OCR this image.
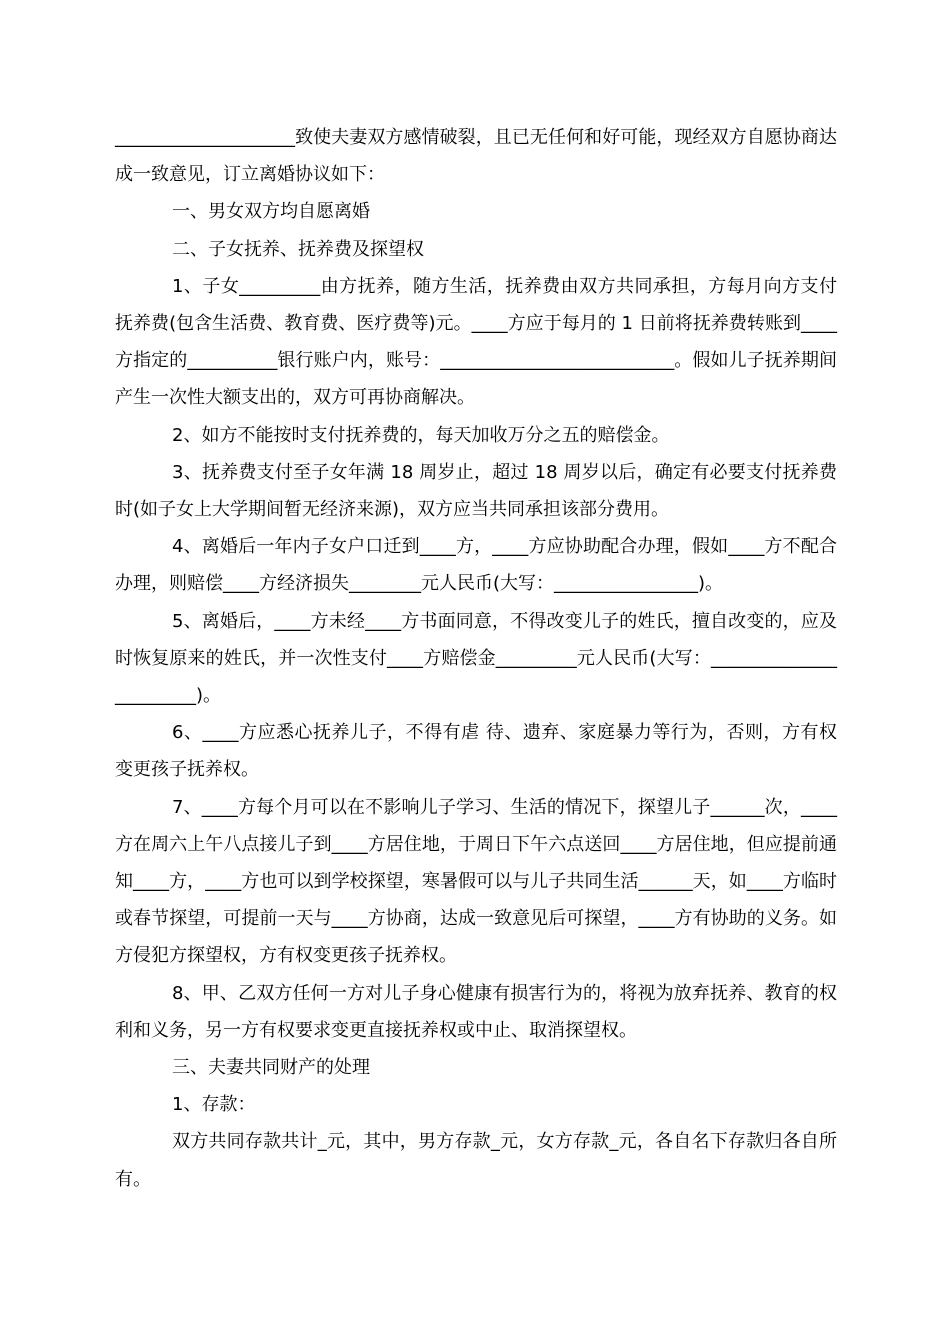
____________________致使夫妻双方感情破裂，且已无任何和好可能，现经双方自愿协商达成一致意见，订立离婚协议如下：

一、男女双方均自愿离婚

二、子女抚养、抚养费及探望权

1、子女_________由方抚养，随方生活，抚养费由双方共同承担，方每月向方支付抚养费(包含生活费、教育费、医疗费等)元。____方应于每月的 1 日前将抚养费转账到____方指定的__________银行账户内，账号：__________________________。假如儿子抚养期间产生一次性大额支出的，双方可再协商解决。

2、如方不能按时支付抚养费的，每天加收万分之五的赔偿金。

3、抚养费支付至子女年满 18 周岁止，超过 18 周岁以后，确定有必要支付抚养费时(如子女上大学期间暂无经济来源)，双方应当共同承担该部分费用。

4、离婚后一年内子女户口迁到____方，____方应协助配合办理，假如____方不配合办理，则赔偿____方经济损失________元人民币(大写：________________)。

5、离婚后，____方未经____方书面同意，不得改变儿子的姓氏，擅自改变的，应及时恢复原来的姓氏，并一次性支付____方赔偿金_________元人民币(大写：_______________________)。

6、____方应悉心抚养儿子，不得有虐 待、遗弃、家庭暴力等行为，否则，方有权变更孩子抚养权。

7、____方每个月可以在不影响儿子学习、生活的情况下，探望儿子______次，____方在周六上午八点接儿子到____方居住地，于周日下午六点送回____方居住地，但应提前通知____方，____方也可以到学校探望，寒暑假可以与儿子共同生活______天，如____方临时或春节探望，可提前一天与____方协商，达成一致意见后可探望，____方有协助的义务。如方侵犯方探望权，方有权变更孩子抚养权。

8、甲、乙双方任何一方对儿子身心健康有损害行为的，将视为放弃抚养、教育的权利和义务，另一方有权要求变更直接抚养权或中止、取消探望权。

三、夫妻共同财产的处理

1、存款：

双方共同存款共计_元，其中，男方存款_元，女方存款_元，各自名下存款归各自所有。
